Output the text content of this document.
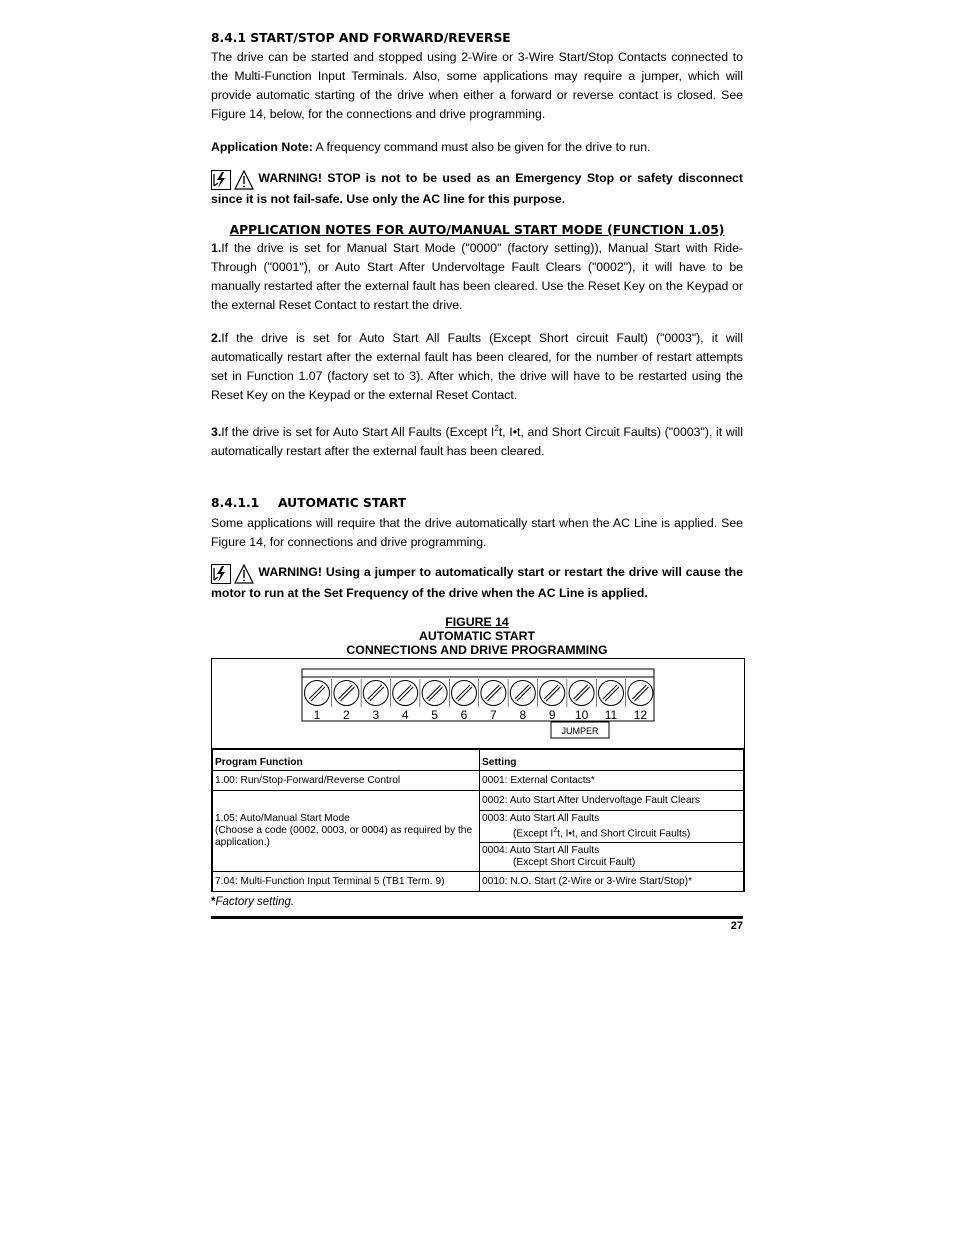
8.4.1 START/STOP AND FORWARD/REVERSE

The drive can be started and stopped using 2-Wire or 3-Wire Start/Stop Contacts connected to the Multi-Function Input Terminals. Also, some applications may require a jumper, which will provide automatic starting of the drive when either a forward or reverse contact is closed. See Figure 14, below, for the connections and drive programming.

Application Note: A frequency command must also be given for the drive to run.

WARNING! STOP is not to be used as an Emergency Stop or safety disconnect since it is not fail-safe. Use only the AC line for this purpose.
APPLICATION NOTES FOR AUTO/MANUAL START MODE (FUNCTION 1.05)

1.If the drive is set for Manual Start Mode ("0000" (factory setting)), Manual Start with Ride-Through ("0001"), or Auto Start After Undervoltage Fault Clears ("0002"), it will have to be manually restarted after the external fault has been cleared. Use the Reset Key on the Keypad or the external Reset Contact to restart the drive.

2.If the drive is set for Auto Start All Faults (Except Short circuit Fault) ("0003"), it will automatically restart after the external fault has been cleared, for the number of restart attempts set in Function 1.07 (factory set to 3). After which, the drive will have to be restarted using the Reset Key on the Keypad or the external Reset Contact.

3.If the drive is set for Auto Start All Faults (Except $I^2t$, I•t, and Short Circuit Faults) ("0003"), it will automatically restart after the external fault has been cleared.

8.4.1.1	AUTOMATIC START

Some applications will require that the drive automatically start when the AC Line is applied. See Figure 14, for connections and drive programming.

WARNING! Using a jumper to automatically start or restart the drive will cause the motor to run at the Set Frequency of the drive when the AC Line is applied.
FIGURE 14
AUTOMATIC START
CONNECTIONS AND DRIVE PROGRAMMING
1 2 3 4 5 6 7 8 9 10 11 12
JUMPER
Program Function	Setting
1.00: Run/Stop-Forward/Reverse Control	0001: External Contacts*
1.05: Auto/Manual Start Mode
(Choose a code (0002, 0003, or 0004) as required by the application.)	0002: Auto Start After Undervoltage Fault Clears
	0003: Auto Start All Faults
(Except $I^2t$, I•t, and Short Circuit Faults)

	0004: Auto Start All Faults
(Except Short Circuit Fault)

7.04: Multi-Function Input Terminal 5 (TB1 Term. 9)	0010: N.O. Start (2-Wire or 3-Wire Start/Stop)*
*Factory setting.
27
